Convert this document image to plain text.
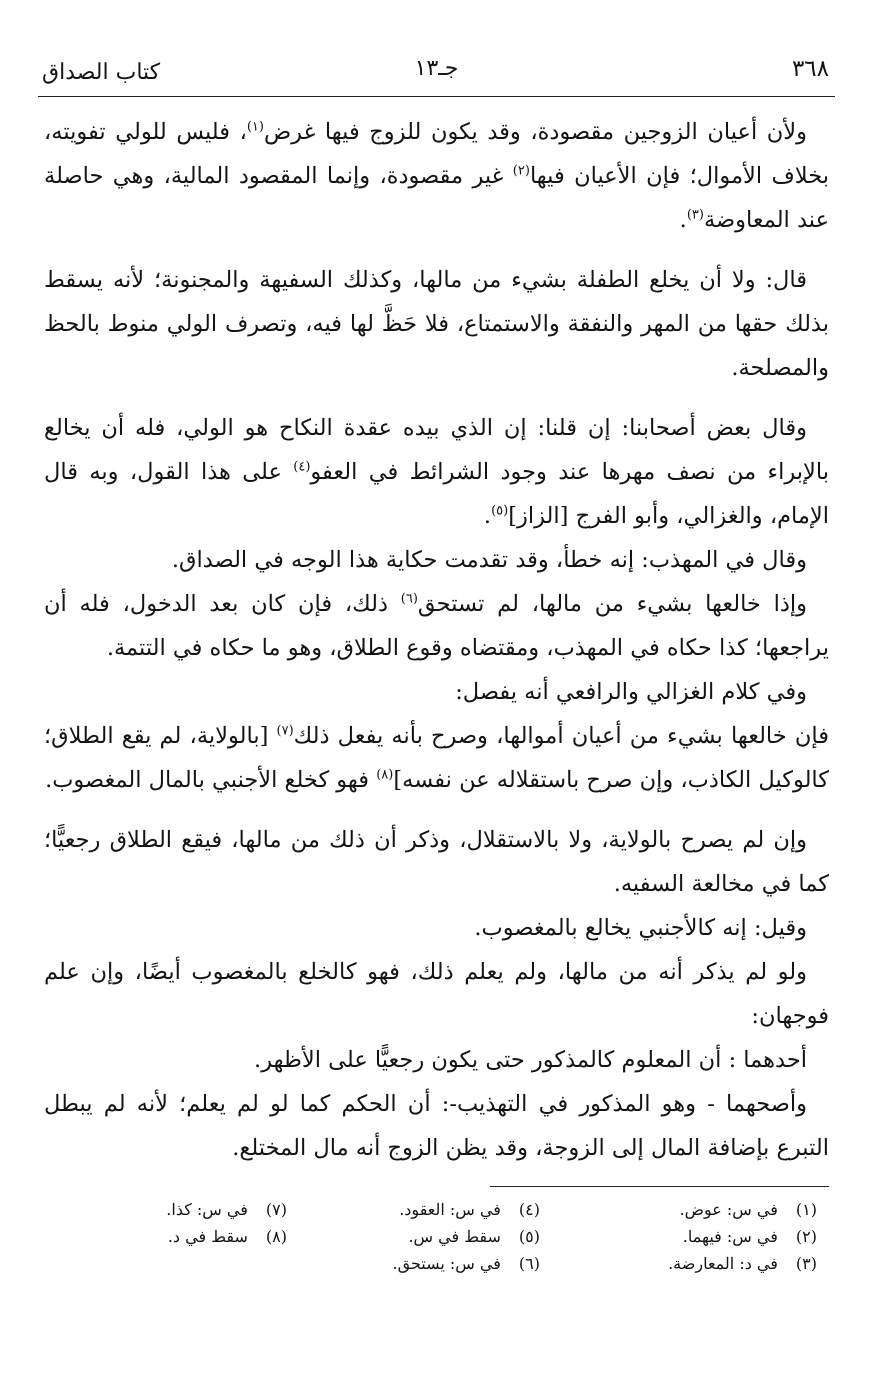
٣٦٨
جـ١٣
كتاب الصداق

ولأن أعيان الزوجين مقصودة، وقد يكون للزوج فيها غرض$^{(١)}$، فليس للولي تفويته، بخلاف الأموال؛ فإن الأعيان فيها$^{(٢)}$ غير مقصودة، وإنما المقصود المالية، وهي حاصلة عند المعاوضة$^{(٣)}$.

قال: ولا أن يخلع الطفلة بشيء من مالها، وكذلك السفيهة والمجنونة؛ لأنه يسقط بذلك حقها من المهر والنفقة والاستمتاع، فلا حَظَّ لها فيه، وتصرف الولي منوط بالحظ والمصلحة.

وقال بعض أصحابنا: إن قلنا: إن الذي بيده عقدة النكاح هو الولي، فله أن يخالع بالإبراء من نصف مهرها عند وجود الشرائط في العفو$^{(٤)}$ على هذا القول، وبه قال الإمام، والغزالي، وأبو الفرج [الزاز]$^{(٥)}$.

وقال في المهذب: إنه خطأ، وقد تقدمت حكاية هذا الوجه في الصداق.

وإذا خالعها بشيء من مالها، لم تستحق$^{(٦)}$ ذلك، فإن كان بعد الدخول، فله أن يراجعها؛ كذا حكاه في المهذب، ومقتضاه وقوع الطلاق، وهو ما حكاه في التتمة.

وفي كلام الغزالي والرافعي أنه يفصل:

فإن خالعها بشيء من أعيان أموالها، وصرح بأنه يفعل ذلك$^{(٧)}$ [بالولاية، لم يقع الطلاق؛ كالوكيل الكاذب، وإن صرح باستقلاله عن نفسه]$^{(٨)}$ فهو كخلع الأجنبي بالمال المغصوب.

وإن لم يصرح بالولاية، ولا بالاستقلال، وذكر أن ذلك من مالها، فيقع الطلاق رجعيًّا؛ كما في مخالعة السفيه.

وقيل: إنه كالأجنبي يخالع بالمغصوب.

ولو لم يذكر أنه من مالها، ولم يعلم ذلك، فهو كالخلع بالمغصوب أيضًا، وإن علم فوجهان:

أحدهما : أن المعلوم كالمذكور حتى يكون رجعيًّا على الأظهر.

وأصحهما - وهو المذكور في التهذيب-: أن الحكم كما لو لم يعلم؛ لأنه لم يبطل التبرع بإضافة المال إلى الزوجة، وقد يظن الزوج أنه مال المختلع.

(١) في س: عوض.
(٢) في س: فيهما.
(٣) في د: المعارضة.
(٤) في س: العقود.
(٥) سقط في س.
(٦) في س: يستحق.
(٧) في س: كذا.
(٨) سقط في د.
